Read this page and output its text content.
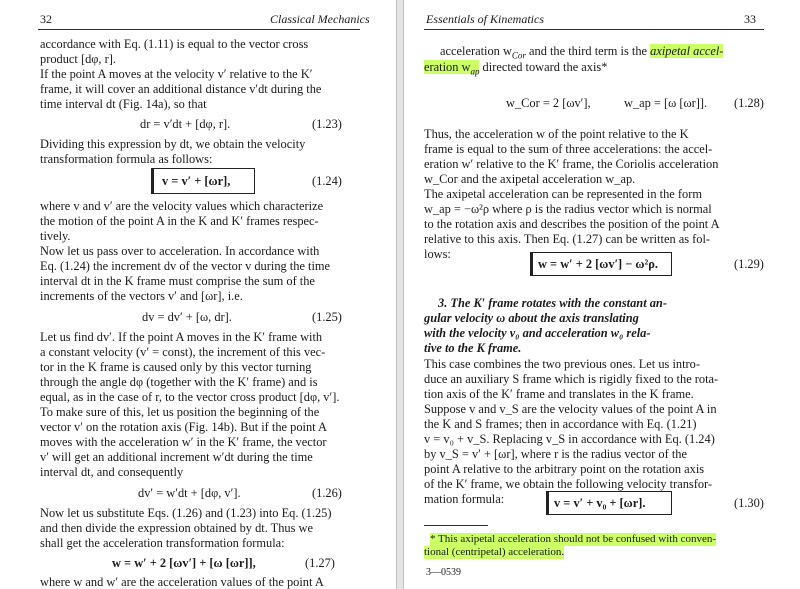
32	Classical Mechanics
accordance with Eq. (1.11) is equal to the vector cross
product [dφ, r].
If the point A moves at the velocity v′ relative to the K′
frame, it will cover an additional distance v′dt during the
time interval dt (Fig. 14a), so that
dr = v′dt + [dφ, r].	(1.23)
Dividing this expression by dt, we obtain the velocity
transformation formula as follows:
v = v′ + [ωr],	(1.24)
where v and v′ are the velocity values which characterize
the motion of the point A in the K and K′ frames respec-
tively.
Now let us pass over to acceleration. In accordance with
Eq. (1.24) the increment dv of the vector v during the time
interval dt in the K frame must comprise the sum of the
increments of the vectors v′ and [ωr], i.e.
dv = dv′ + [ω, dr].	(1.25)
Let us find dv′. If the point A moves in the K′ frame with
a constant velocity (v′ = const), the increment of this vec-
tor in the K frame is caused only by this vector turning
through the angle dφ (together with the K′ frame) and is
equal, as in the case of r, to the vector cross product [dφ, v′].
To make sure of this, let us position the beginning of the
vector v′ on the rotation axis (Fig. 14b). But if the point A
moves with the acceleration w′ in the K′ frame, the vector
v′ will get an additional increment w′dt during the time
interval dt, and consequently
dv′ = w′dt + [dφ, v′].	(1.26)
Now let us substitute Eqs. (1.26) and (1.23) into Eq. (1.25)
and then divide the expression obtained by dt. Thus we
shall get the acceleration transformation formula:
w = w′ + 2 [ωv′] + [ω [ωr]],	(1.27)
where w and w′ are the acceleration values of the point A
Essentials of Kinematics	33
acceleration $w_{Cor}$ and the third term is the axipetal accel-
eration $w_{ap}$ directed toward the axis*
w_Cor = 2 [ωv′],	w_ap = [ω [ωr]]. (1.28)
Thus, the acceleration w of the point relative to the K
frame is equal to the sum of three accelerations: the accel-
eration w′ relative to the K′ frame, the Coriolis acceleration
w_Cor and the axipetal acceleration w_ap.
The axipetal acceleration can be represented in the form
w_ap = −ω²ρ where ρ is the radius vector which is normal
to the rotation axis and describes the position of the point A
relative to this axis. Then Eq. (1.27) can be written as fol-
lows:
w = w′ + 2 [ωv′] − ω²ρ.	(1.29)
3. The K′ frame rotates with the constant an-
gular velocity ω about the axis translating
with the velocity v₀ and acceleration w₀ rela-
tive to the K frame.
This case combines the two previous ones. Let us intro-
duce an auxiliary S frame which is rigidly fixed to the rota-
tion axis of the K′ frame and translates in the K frame.
Suppose v and v_S are the velocity values of the point A in
the K and S frames; then in accordance with Eq. (1.21)
v = v₀ + v_S. Replacing v_S in accordance with Eq. (1.24)
by v_S = v′ + [ωr], where r is the radius vector of the
point A relative to the arbitrary point on the rotation axis
of the K′ frame, we obtain the following velocity transfor-
mation formula:	v = v′ + v₀ + [ωr].	(1.30)
* This axipetal acceleration should not be confused with conven-
tional (centripetal) acceleration.
3—0539
